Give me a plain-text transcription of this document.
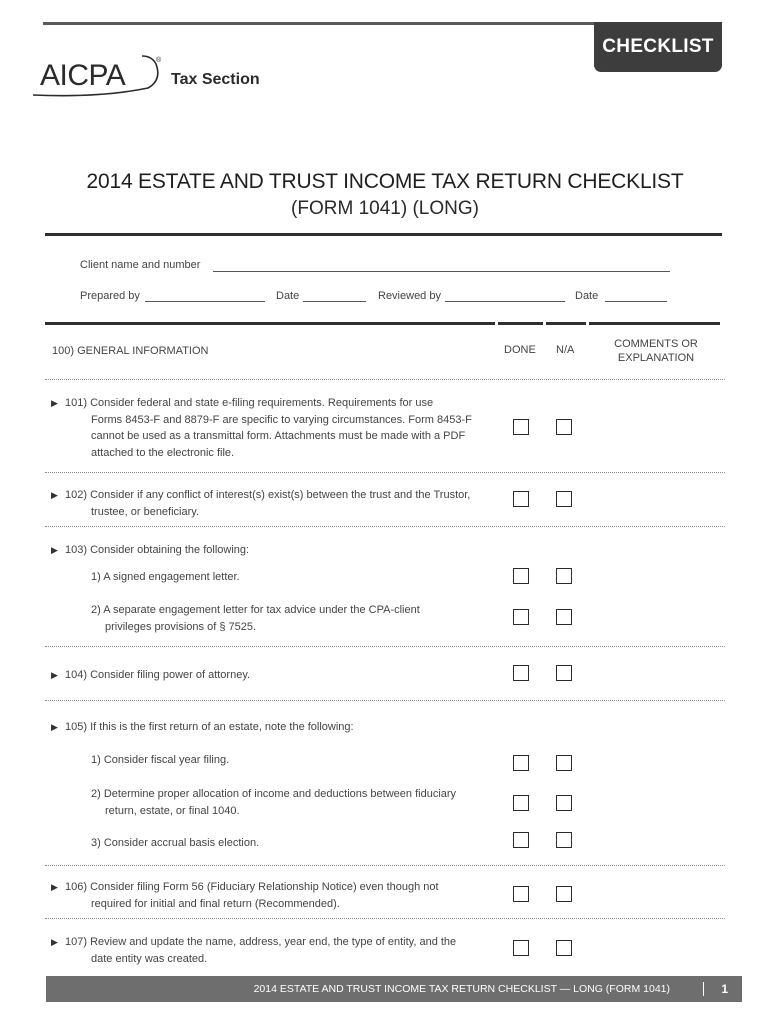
CHECKLIST
AICPA	®
Tax Section
2014 ESTATE AND TRUST INCOME TAX RETURN CHECKLIST
(FORM 1041) (LONG)
Client name and number
Prepared by	Date	Reviewed by	Date
100) GENERAL INFORMATION	DONE N/A	COMMENTS OR
EXPLANATION
▶ 101) Consider federal and state e-filing requirements. Requirements for use
Forms 8453-F and 8879-F are specific to varying circumstances. Form 8453-F
cannot be used as a transmittal form. Attachments must be made with a PDF
attached to the electronic file.
▶ 102) Consider if any conflict of interest(s) exist(s) between the trust and the Trustor,
trustee, or beneficiary.
▶ 103) Consider obtaining the following:
1) A signed engagement letter.
2) A separate engagement letter for tax advice under the CPA-client
privileges provisions of § 7525.
▶ 104) Consider filing power of attorney.
▶ 105) If this is the first return of an estate, note the following:
1) Consider fiscal year filing.
2) Determine proper allocation of income and deductions between fiduciary
return, estate, or final 1040.
3) Consider accrual basis election.
▶ 106) Consider filing Form 56 (Fiduciary Relationship Notice) even though not
required for initial and final return (Recommended).
▶ 107) Review and update the name, address, year end, the type of entity, and the
date entity was created.
2014 ESTATE AND TRUST INCOME TAX RETURN CHECKLIST — LONG (FORM 1041)	1
